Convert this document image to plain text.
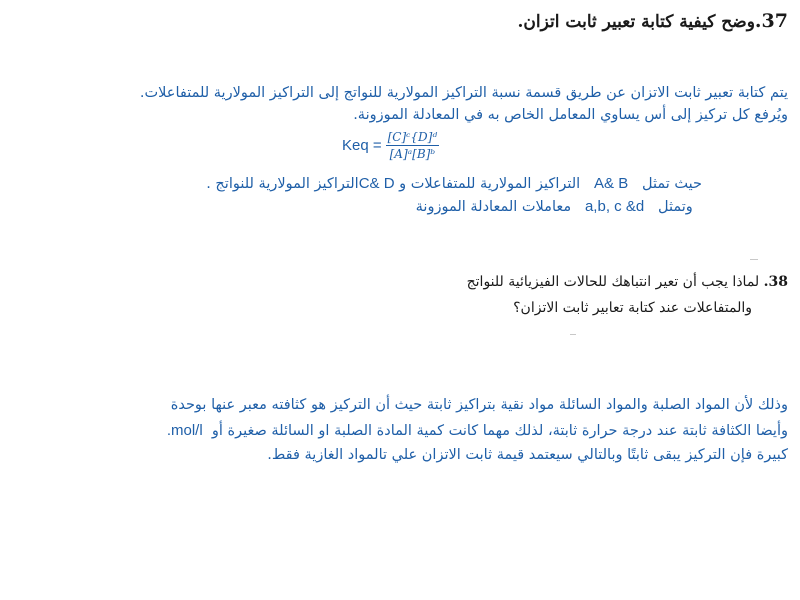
37.وضح كيفية كتابة تعبير ثابت اتزان.

يتم كتابة تعبير ثابت الاتزان عن طريق قسمة نسبة التراكيز المولارية للنواتج إلى التراكيز المولارية للمتفاعلات.

ويُرفع كل تركيز إلى أس يساوي المعامل الخاص به في المعادلة الموزونة.

Keq = $\frac{\text{[C]ᶜ\{D]ᵈ}}{\text{[A]ᵃ[B]ᵇ}}$

حيث تمثل   A& B   التراكيز المولارية للمتفاعلات و C& Dالتراكيز المولارية للنواتج .

وتمثل   a,b, c &d   معاملات المعادلة الموزونة

38. لماذا يجب أن تعير انتباهك للحالات الفيزيائية للنواتج

والمتفاعلات عند كتابة تعابير ثابت الاتزان؟

وذلك لأن المواد الصلبة والمواد السائلة مواد نقية بتراكيز ثابتة حيث أن التركيز هو كثافته معبر عنها بوحدة

وأيضا الكثافة ثابتة عند درجة حرارة ثابتة، لذلك مهما كانت كمية المادة الصلبة او السائلة صغيرة أو  mol/l.

كبيرة فإن التركيز يبقى ثابتًا وبالتالي سيعتمد قيمة ثابت الاتزان علي تالمواد الغازية فقط.
